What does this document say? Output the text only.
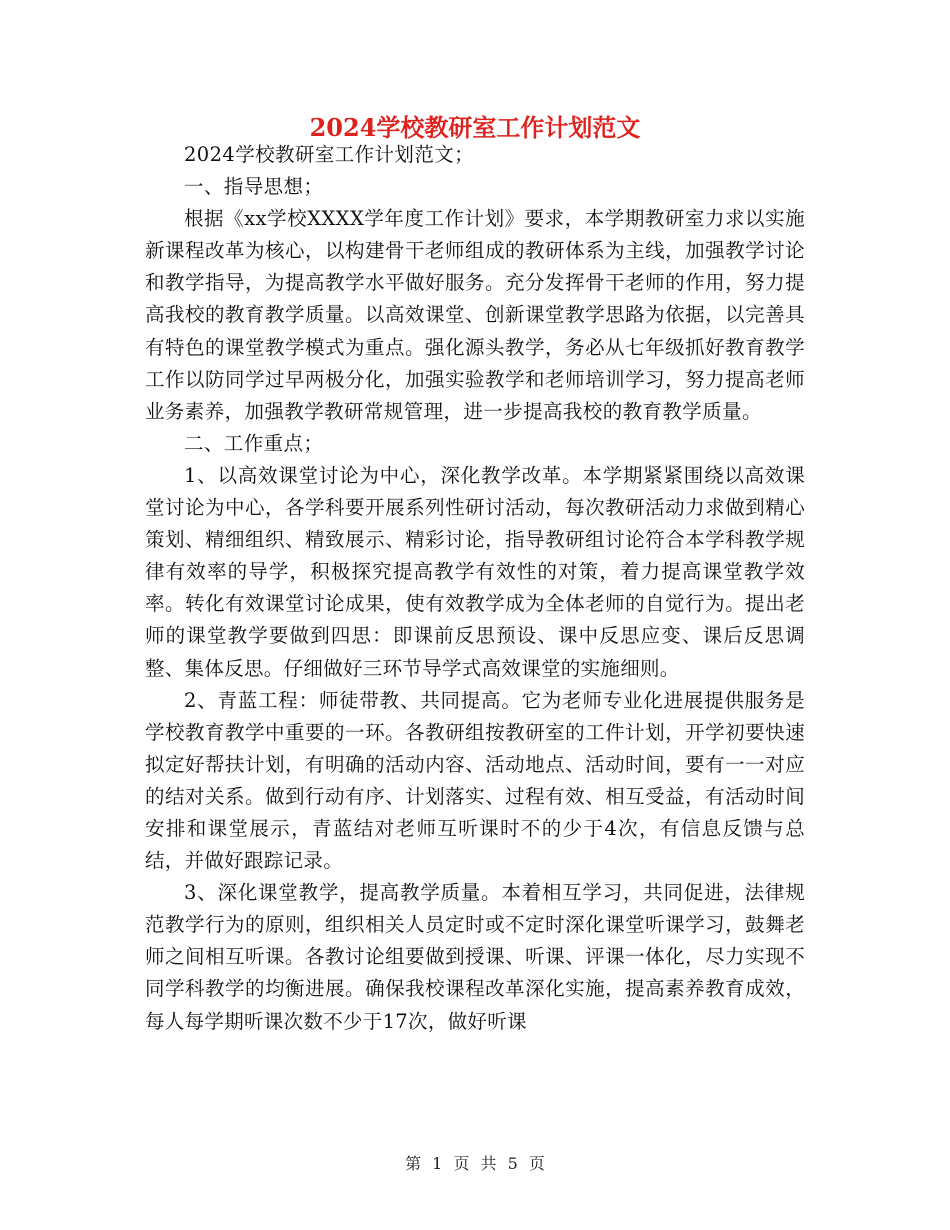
2024学校教研室工作计划范文

2024学校教研室工作计划范文；

一、指导思想；

根据《xx学校XXXX学年度工作计划》要求，本学期教研室力求以实施新课程改革为核心，以构建骨干老师组成的教研体系为主线，加强教学讨论和教学指导，为提高教学水平做好服务。充分发挥骨干老师的作用，努力提高我校的教育教学质量。以高效课堂、创新课堂教学思路为依据，以完善具有特色的课堂教学模式为重点。强化源头教学，务必从七年级抓好教育教学工作以防同学过早两极分化，加强实验教学和老师培训学习，努力提高老师业务素养，加强教学教研常规管理，进一步提高我校的教育教学质量。

二、工作重点；

1、以高效课堂讨论为中心，深化教学改革。本学期紧紧围绕以高效课堂讨论为中心，各学科要开展系列性研讨活动，每次教研活动力求做到精心策划、精细组织、精致展示、精彩讨论，指导教研组讨论符合本学科教学规律有效率的导学，积极探究提高教学有效性的对策，着力提高课堂教学效率。转化有效课堂讨论成果，使有效教学成为全体老师的自觉行为。提出老师的课堂教学要做到四思：即课前反思预设、课中反思应变、课后反思调整、集体反思。仔细做好三环节导学式高效课堂的实施细则。

2、青蓝工程：师徒带教、共同提高。它为老师专业化进展提供服务是学校教育教学中重要的一环。各教研组按教研室的工件计划，开学初要快速拟定好帮扶计划，有明确的活动内容、活动地点、活动时间，要有一一对应的结对关系。做到行动有序、计划落实、过程有效、相互受益，有活动时间安排和课堂展示，青蓝结对老师互听课时不的少于4次，有信息反馈与总结，并做好跟踪记录。

3、深化课堂教学，提高教学质量。本着相互学习，共同促进，法律规范教学行为的原则，组织相关人员定时或不定时深化课堂听课学习，鼓舞老师之间相互听课。各教讨论组要做到授课、听课、评课一体化，尽力实现不同学科教学的均衡进展。确保我校课程改革深化实施，提高素养教育成效，每人每学期听课次数不少于17次，做好听课

第 1 页 共 5 页
